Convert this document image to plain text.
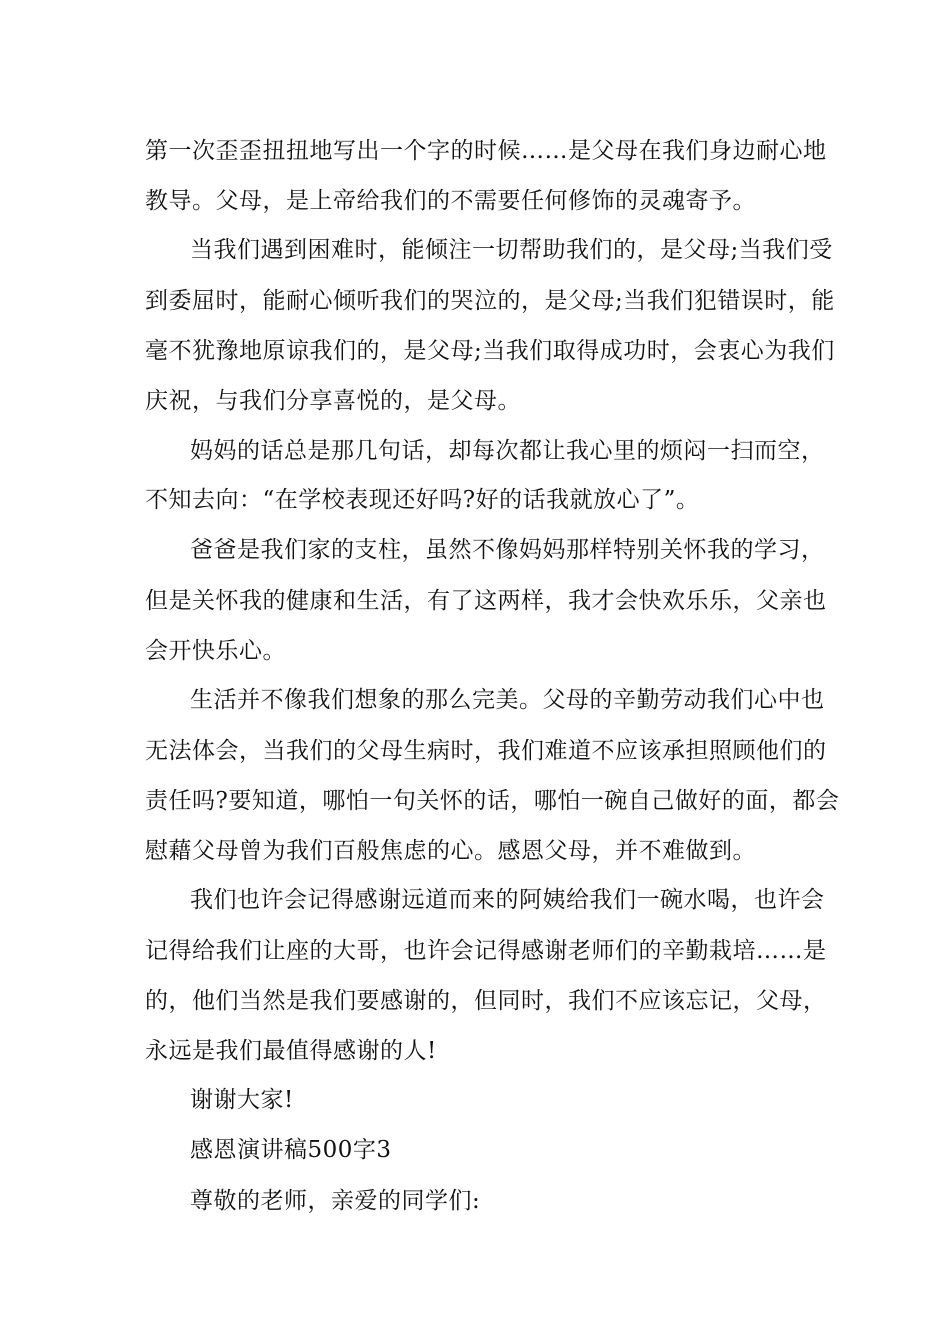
第一次歪歪扭扭地写出一个字的时候……是父母在我们身边耐心地
教导。父母，是上帝给我们的不需要任何修饰的灵魂寄予。
当我们遇到困难时，能倾注一切帮助我们的，是父母;当我们受
到委屈时，能耐心倾听我们的哭泣的，是父母;当我们犯错误时，能
毫不犹豫地原谅我们的，是父母;当我们取得成功时，会衷心为我们
庆祝，与我们分享喜悦的，是父母。
妈妈的话总是那几句话，却每次都让我心里的烦闷一扫而空，
不知去向：“在学校表现还好吗?好的话我就放心了”。
爸爸是我们家的支柱，虽然不像妈妈那样特别关怀我的学习，
但是关怀我的健康和生活，有了这两样，我才会快欢乐乐，父亲也
会开快乐心。
生活并不像我们想象的那么完美。父母的辛勤劳动我们心中也
无法体会，当我们的父母生病时，我们难道不应该承担照顾他们的
责任吗?要知道，哪怕一句关怀的话，哪怕一碗自己做好的面，都会
慰藉父母曾为我们百般焦虑的心。感恩父母，并不难做到。
我们也许会记得感谢远道而来的阿姨给我们一碗水喝，也许会
记得给我们让座的大哥，也许会记得感谢老师们的辛勤栽培……是
的，他们当然是我们要感谢的，但同时，我们不应该忘记，父母，
永远是我们最值得感谢的人!
谢谢大家!
感恩演讲稿500字3
尊敬的老师，亲爱的同学们:
